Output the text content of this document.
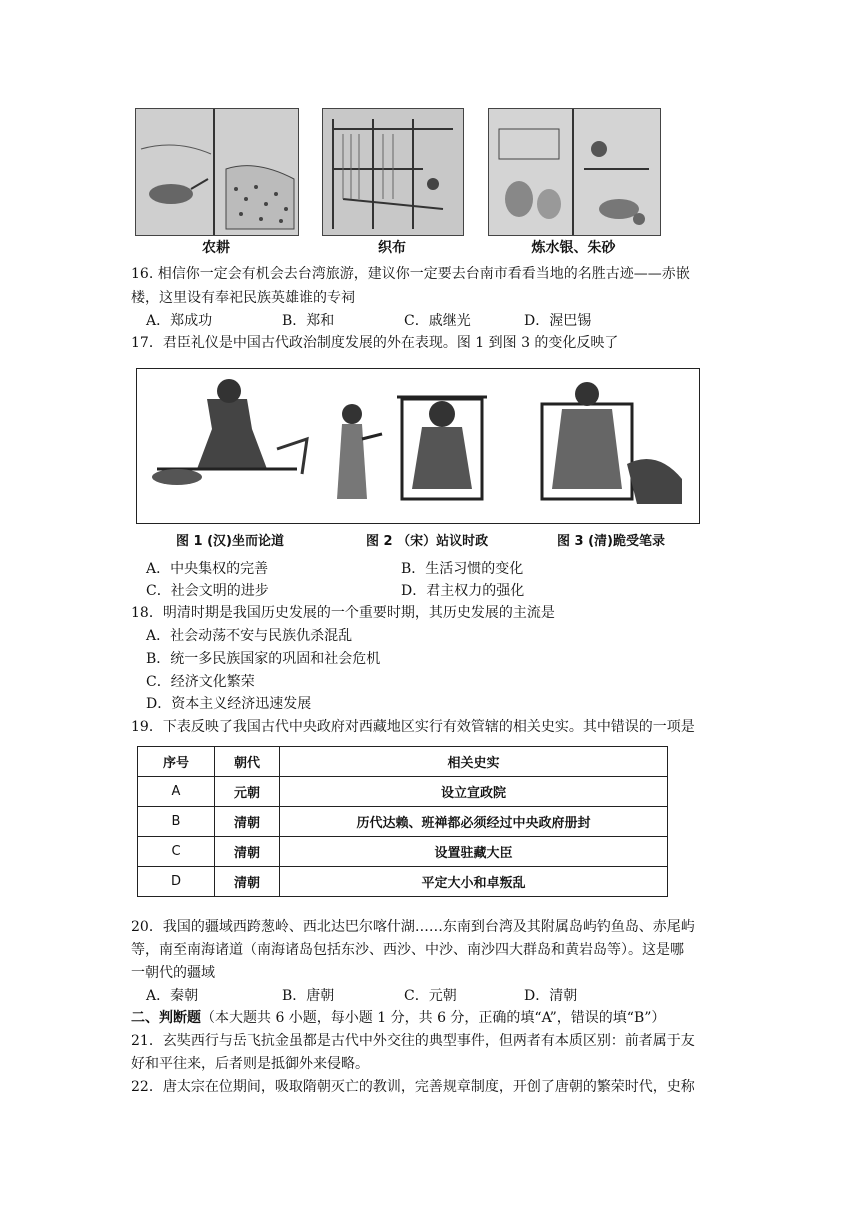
农耕	织布	炼水银、朱砂
16. 相信你一定会有机会去台湾旅游，建议你一定要去台南市看看当地的名胜古迹——赤嵌
楼，这里设有奉祀民族英雄谁的专祠
A．郑成功	B．郑和	C．戚继光	D．渥巴锡
17．君臣礼仪是中国古代政治制度发展的外在表现。图 1 到图 3 的变化反映了
图 1 (汉)坐而论道	图 2 （宋）站议时政	图 3 (清)跪受笔录
A．中央集权的完善	B．生活习惯的变化
C．社会文明的进步	D．君主权力的强化
18．明清时期是我国历史发展的一个重要时期，其历史发展的主流是
A．社会动荡不安与民族仇杀混乱
B．统一多民族国家的巩固和社会危机
C．经济文化繁荣
D．资本主义经济迅速发展
19．下表反映了我国古代中央政府对西藏地区实行有效管辖的相关史实。其中错误的一项是
序号	朝代	相关史实
A	元朝	设立宣政院
B	清朝	历代达赖、班禅都必须经过中央政府册封
C	清朝	设置驻藏大臣
D	清朝	平定大小和卓叛乱
20．我国的疆域西跨葱岭、西北达巴尔喀什湖……东南到台湾及其附属岛屿钓鱼岛、赤尾屿
等，南至南海诸道（南海诸岛包括东沙、西沙、中沙、南沙四大群岛和黄岩岛等）。这是哪
一朝代的疆域
A．秦朝	B．唐朝	C．元朝	D．清朝
二、判断题（本大题共 6 小题，每小题 1 分，共 6 分，正确的填“A”，错误的填“B”）
21．玄奘西行与岳飞抗金虽都是古代中外交往的典型事件，但两者有本质区别：前者属于友
好和平往来，后者则是抵御外来侵略。
22．唐太宗在位期间，吸取隋朝灭亡的教训，完善规章制度，开创了唐朝的繁荣时代，史称
